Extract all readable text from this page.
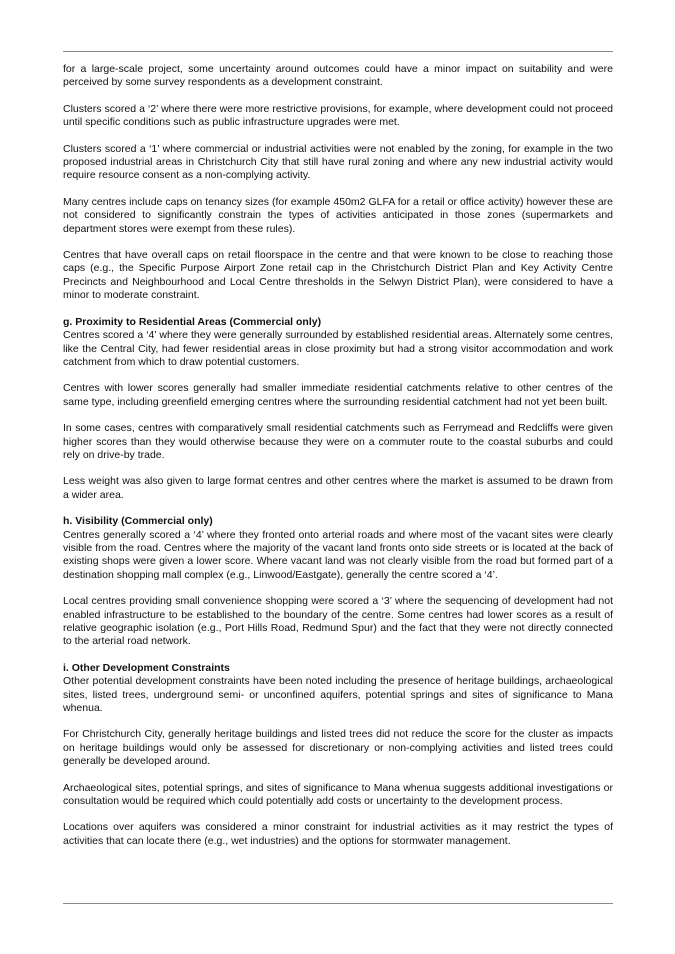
for a large-scale project, some uncertainty around outcomes could have a minor impact on suitability and were perceived by some survey respondents as a development constraint.

Clusters scored a ‘2’ where there were more restrictive provisions, for example, where development could not proceed until specific conditions such as public infrastructure upgrades were met.

Clusters scored a ‘1’ where commercial or industrial activities were not enabled by the zoning, for example in the two proposed industrial areas in Christchurch City that still have rural zoning and where any new industrial activity would require resource consent as a non-complying activity.

Many centres include caps on tenancy sizes (for example 450m2 GLFA for a retail or office activity) however these are not considered to significantly constrain the types of activities anticipated in those zones (supermarkets and department stores were exempt from these rules).

Centres that have overall caps on retail floorspace in the centre and that were known to be close to reaching those caps (e.g., the Specific Purpose Airport Zone retail cap in the Christchurch District Plan and Key Activity Centre Precincts and Neighbourhood and Local Centre thresholds in the Selwyn District Plan), were considered to have a minor to moderate constraint.

g. Proximity to Residential Areas (Commercial only)

Centres scored a ‘4’ where they were generally surrounded by established residential areas. Alternately some centres, like the Central City, had fewer residential areas in close proximity but had a strong visitor accommodation and work catchment from which to draw potential customers.

Centres with lower scores generally had smaller immediate residential catchments relative to other centres of the same type, including greenfield emerging centres where the surrounding residential catchment had not yet been built.

In some cases, centres with comparatively small residential catchments such as Ferrymead and Redcliffs were given higher scores than they would otherwise because they were on a commuter route to the coastal suburbs and could rely on drive-by trade.

Less weight was also given to large format centres and other centres where the market is assumed to be drawn from a wider area.

h. Visibility (Commercial only)

Centres generally scored a ‘4’ where they fronted onto arterial roads and where most of the vacant sites were clearly visible from the road. Centres where the majority of the vacant land fronts onto side streets or is located at the back of existing shops were given a lower score. Where vacant land was not clearly visible from the road but formed part of a destination shopping mall complex (e.g., Linwood/Eastgate), generally the centre scored a ‘4’.

Local centres providing small convenience shopping were scored a ‘3’ where the sequencing of development had not enabled infrastructure to be established to the boundary of the centre. Some centres had lower scores as a result of relative geographic isolation (e.g., Port Hills Road, Redmund Spur) and the fact that they were not directly connected to the arterial road network.

i. Other Development Constraints

Other potential development constraints have been noted including the presence of heritage buildings, archaeological sites, listed trees, underground semi- or unconfined aquifers, potential springs and sites of significance to Mana whenua.

For Christchurch City, generally heritage buildings and listed trees did not reduce the score for the cluster as impacts on heritage buildings would only be assessed for discretionary or non-complying activities and listed trees could generally be developed around.

Archaeological sites, potential springs, and sites of significance to Mana whenua suggests additional investigations or consultation would be required which could potentially add costs or uncertainty to the development process.

Locations over aquifers was considered a minor constraint for industrial activities as it may restrict the types of activities that can locate there (e.g., wet industries) and the options for stormwater management.
